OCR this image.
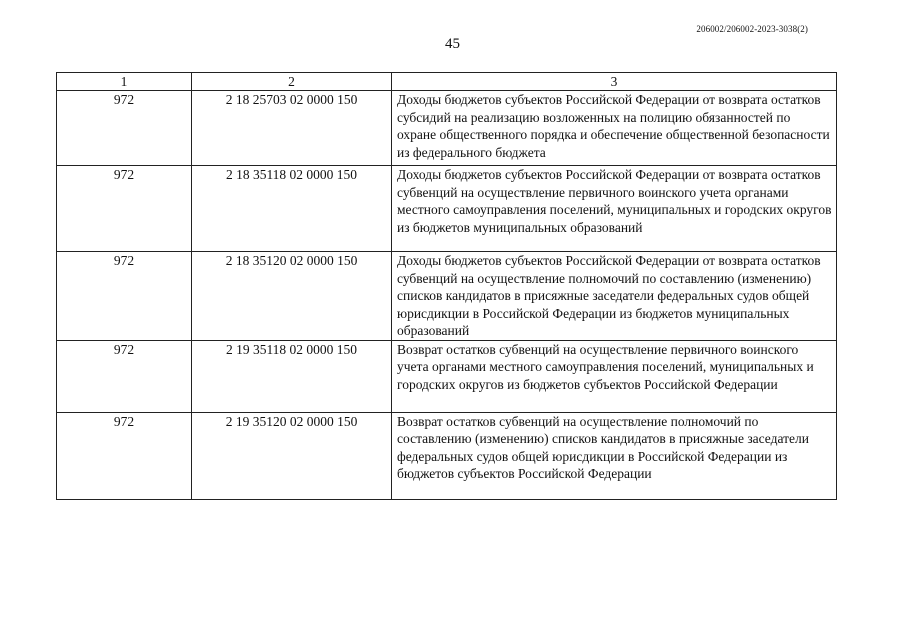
206002/206002-2023-3038(2)
45
1	2	3
972	2 18 25703 02 0000 150	Доходы бюджетов субъектов Российской Федерации от возврата остатков субсидий на реализацию возложенных на полицию обязанностей по охране общественного порядка и обеспечение общественной безопасности из федерального бюджета
972	2 18 35118 02 0000 150	Доходы бюджетов субъектов Российской Федерации от возврата остатков субвенций на осуществление первичного воинского учета органами местного самоуправления поселений, муниципальных и городских округов из бюджетов муниципальных образований
972	2 18 35120 02 0000 150	Доходы бюджетов субъектов Российской Федерации от возврата остатков субвенций на осуществление полномочий по составлению (изменению) списков кандидатов в присяжные заседатели федеральных судов общей юрисдикции в Российской Федерации из бюджетов муниципальных образований
972	2 19 35118 02 0000 150	Возврат остатков субвенций на осуществление первичного воинского учета органами местного самоуправления поселений, муниципальных и городских округов из бюджетов субъектов Российской Федерации
972	2 19 35120 02 0000 150	Возврат остатков субвенций на осуществление полномочий по составлению (изменению) списков кандидатов в присяжные заседатели федеральных судов общей юрисдикции в Российской Федерации из бюджетов субъектов Российской Федерации
